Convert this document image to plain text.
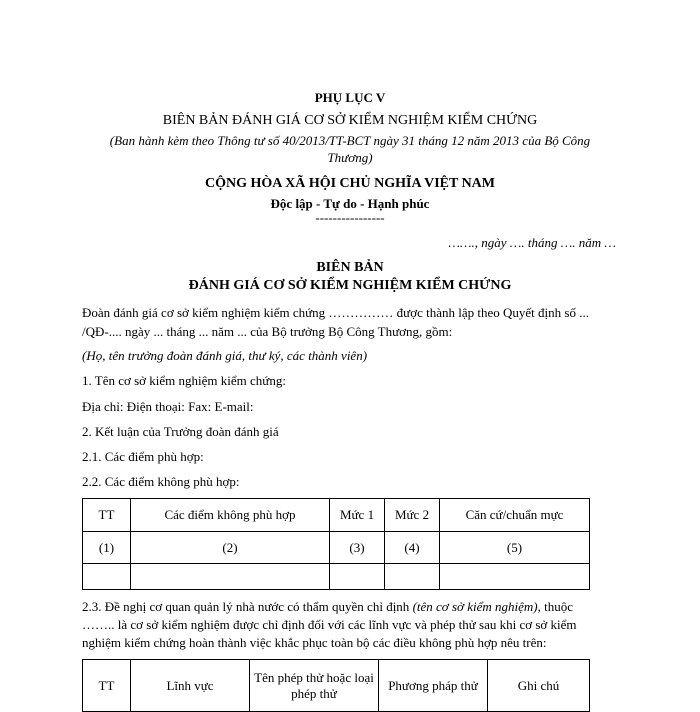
PHỤ LỤC V
BIÊN BẢN ĐÁNH GIÁ CƠ SỞ KIỂM NGHIỆM KIỂM CHỨNG
(Ban hành kèm theo Thông tư số 40/2013/TT-BCT ngày 31 tháng 12 năm 2013 của Bộ Công
Thương)
CỘNG HÒA XÃ HỘI CHỦ NGHĨA VIỆT NAM
Độc lập - Tự do - Hạnh phúc
----------------
……., ngày …. tháng …. năm …
BIÊN BẢN
ĐÁNH GIÁ CƠ SỞ KIỂM NGHIỆM KIỂM CHỨNG
Đoàn đánh giá cơ sở kiểm nghiệm kiểm chứng …………… được thành lập theo Quyết định số ...
/QĐ-.... ngày ... tháng ... năm ... của Bộ trưởng Bộ Công Thương, gồm:
(Họ, tên trưởng đoàn đánh giá, thư ký, các thành viên)
1. Tên cơ sở kiểm nghiệm kiểm chứng:
Địa chỉ: Điện thoại: Fax: E-mail:
2. Kết luận của Trưởng đoàn đánh giá
2.1. Các điểm phù hợp:
2.2. Các điểm không phù hợp:
TT	Các điểm không phù hợp	Mức 1	Mức 2	Căn cứ/chuẩn mực
(1)	(2)	(3)	(4)	(5)

2.3. Đề nghị cơ quan quản lý nhà nước có thẩm quyền chỉ định (tên cơ sở kiểm nghiệm), thuộc
…….. là cơ sở kiểm nghiệm được chỉ định đối với các lĩnh vực và phép thử sau khi cơ sở kiểm
nghiệm kiểm chứng hoàn thành việc khắc phục toàn bộ các điều không phù hợp nêu trên:
TT	Lĩnh vực	Tên phép thử hoặc loại phép thử	Phương pháp thử	Ghi chú
